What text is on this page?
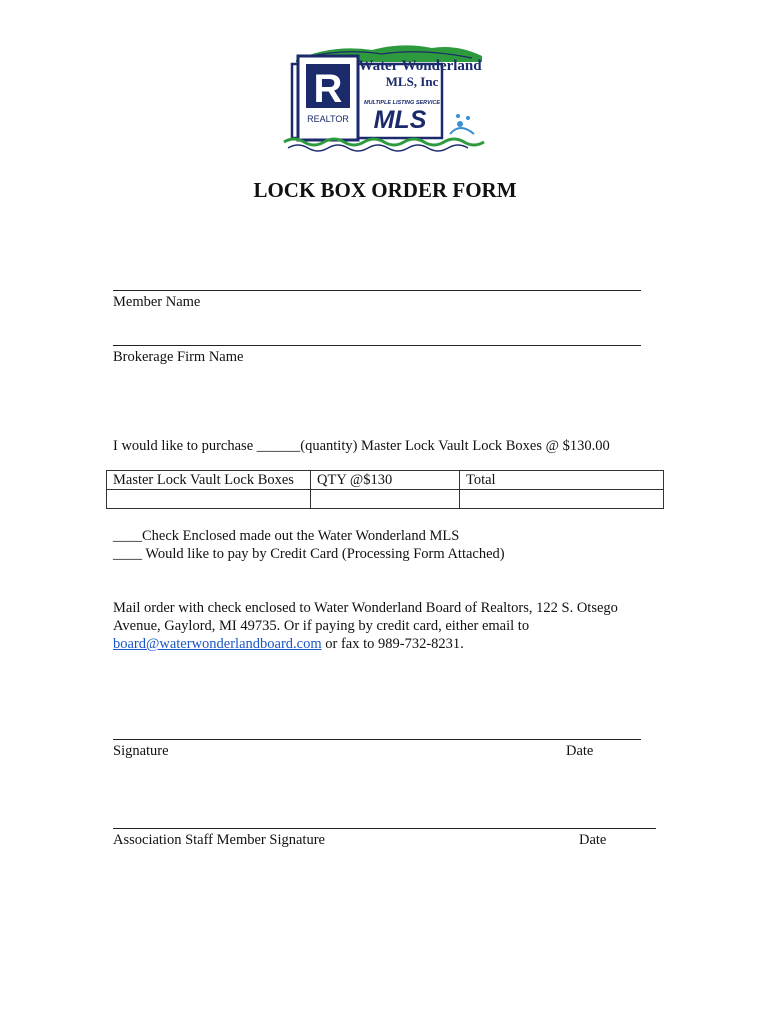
R
REALTOR
Water Wonderland
MLS, Inc
MULTIPLE LISTING SERVICE
MLS
LOCK BOX ORDER FORM
Member Name
Brokerage Firm Name
I would like to purchase ______(quantity) Master Lock Vault Lock Boxes @ $130.00
Master Lock Vault Lock Boxes	QTY @$130	Total

____Check Enclosed made out the Water Wonderland MLS
____ Would like to pay by Credit Card (Processing Form Attached)
Mail order with check enclosed to Water Wonderland Board of Realtors, 122 S. Otsego
Avenue, Gaylord, MI 49735. Or if paying by credit card, either email to
board@waterwonderlandboard.com or fax to 989-732-8231.
Signature	Date
Association Staff Member Signature	Date
